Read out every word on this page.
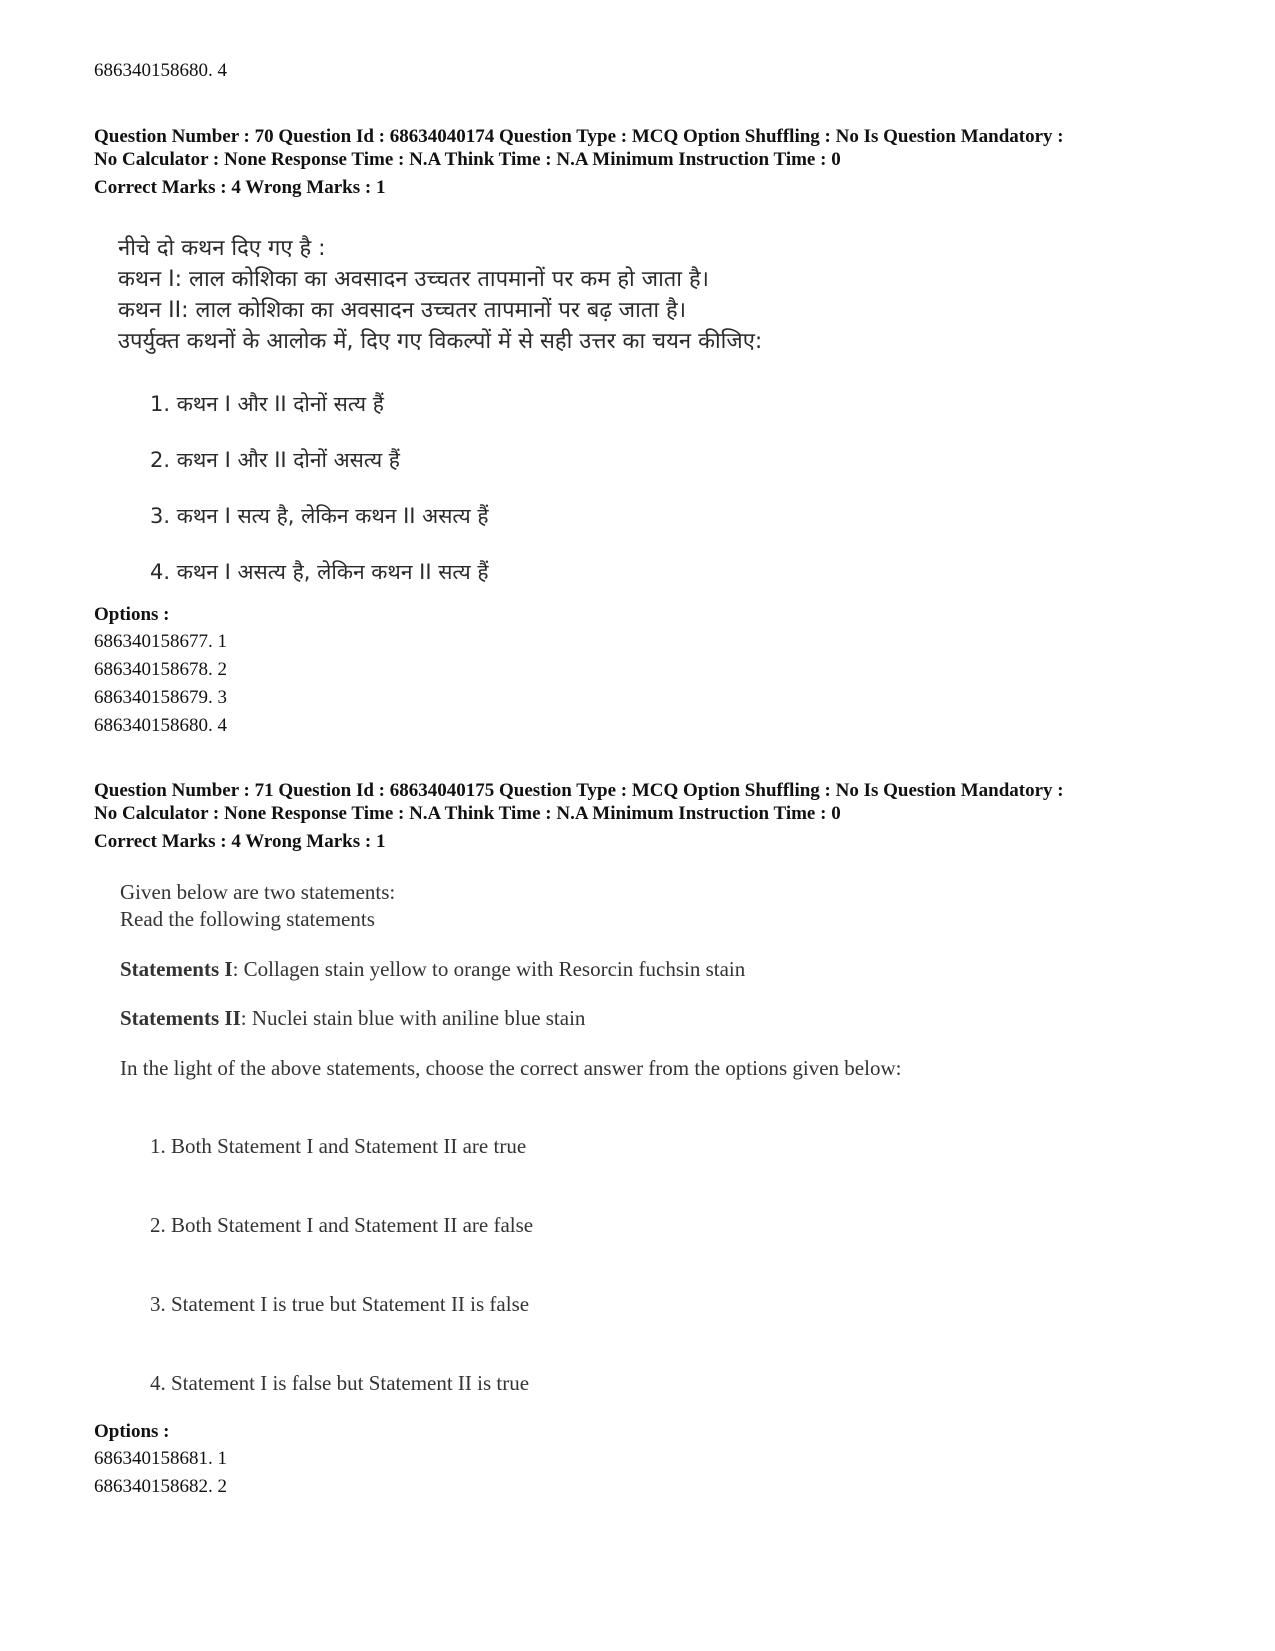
686340158680. 4
Question Number : 70 Question Id : 68634040174 Question Type : MCQ Option Shuffling : No Is Question Mandatory :
No Calculator : None Response Time : N.A Think Time : N.A Minimum Instruction Time : 0
Correct Marks : 4 Wrong Marks : 1
नीचे दो कथन दिए गए है :
कथन I: लाल कोशिका का अवसादन उच्चतर तापमानों पर कम हो जाता है।
कथन II: लाल कोशिका का अवसादन उच्चतर तापमानों पर बढ़ जाता है।
उपर्युक्त कथनों के आलोक में, दिए गए विकल्पों में से सही उत्तर का चयन कीजिए:
1. कथन I और II दोनों सत्य हैं
2. कथन I और II दोनों असत्य हैं
3. कथन I सत्य है, लेकिन कथन II असत्य हैं
4. कथन I असत्य है, लेकिन कथन II सत्य हैं
Options :
686340158677. 1
686340158678. 2
686340158679. 3
686340158680. 4
Question Number : 71 Question Id : 68634040175 Question Type : MCQ Option Shuffling : No Is Question Mandatory :
No Calculator : None Response Time : N.A Think Time : N.A Minimum Instruction Time : 0
Correct Marks : 4 Wrong Marks : 1
Given below are two statements:
Read the following statements
Statements I: Collagen stain yellow to orange with Resorcin fuchsin stain
Statements II: Nuclei stain blue with aniline blue stain
In the light of the above statements, choose the correct answer from the options given below:
1. Both Statement I and Statement II are true
2. Both Statement I and Statement II are false
3. Statement I is true but Statement II is false
4. Statement I is false but Statement II is true
Options :
686340158681. 1
686340158682. 2
